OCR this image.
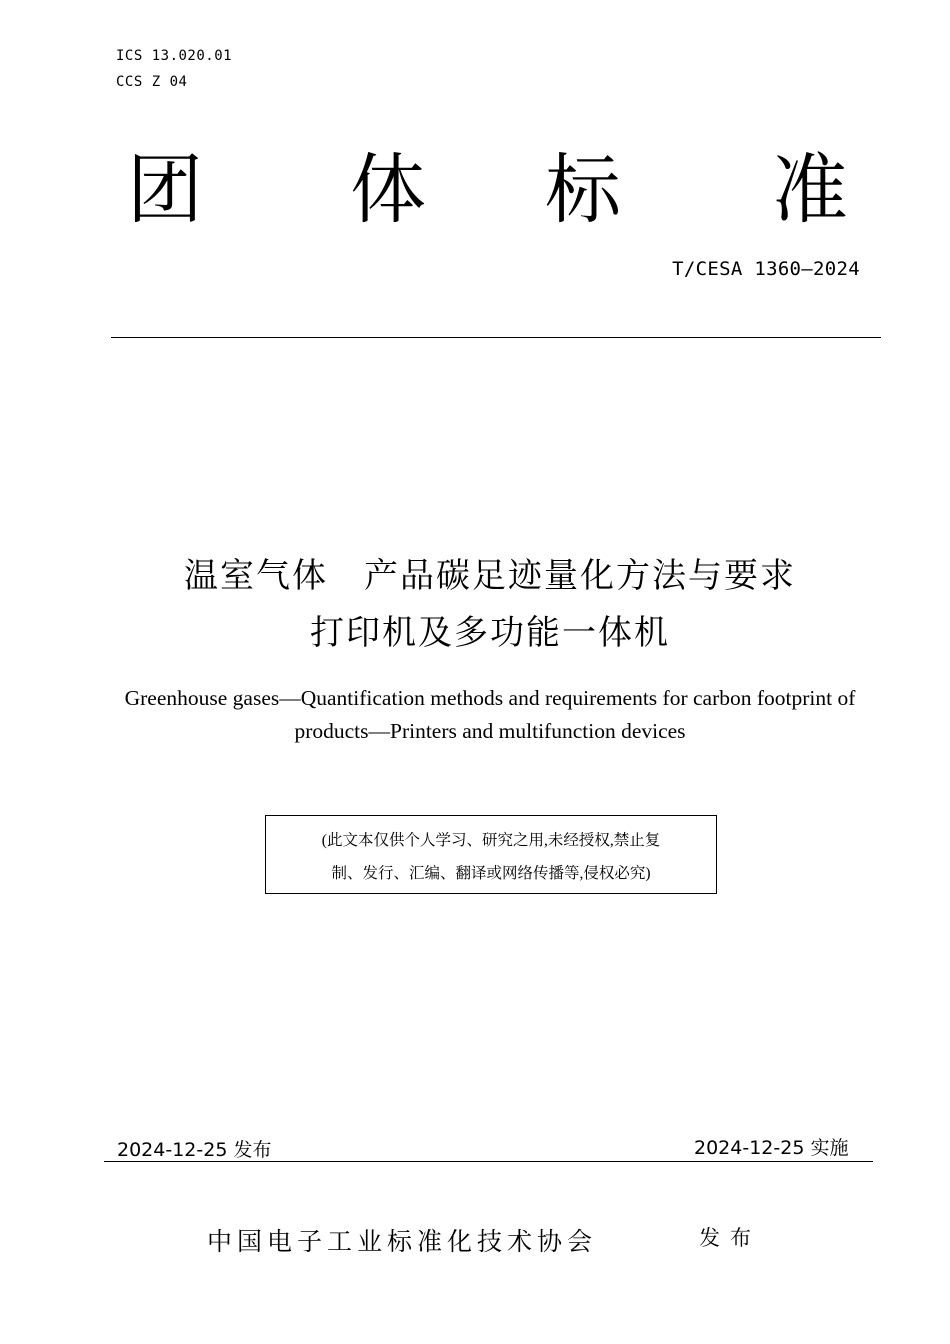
ICS 13.020.01
CCS Z 04
团 体 标 准
T/CESA 1360—2024
温室气体　产品碳足迹量化方法与要求
打印机及多功能一体机
Greenhouse gases—Quantification methods and requirements for carbon footprint of
products—Printers and multifunction devices
(此文本仅供个人学习、研究之用,未经授权,禁止复
制、发行、汇编、翻译或网络传播等,侵权必究)
2024-12-25 发布	2024-12-25 实施
中国电子工业标准化技术协会	发布
